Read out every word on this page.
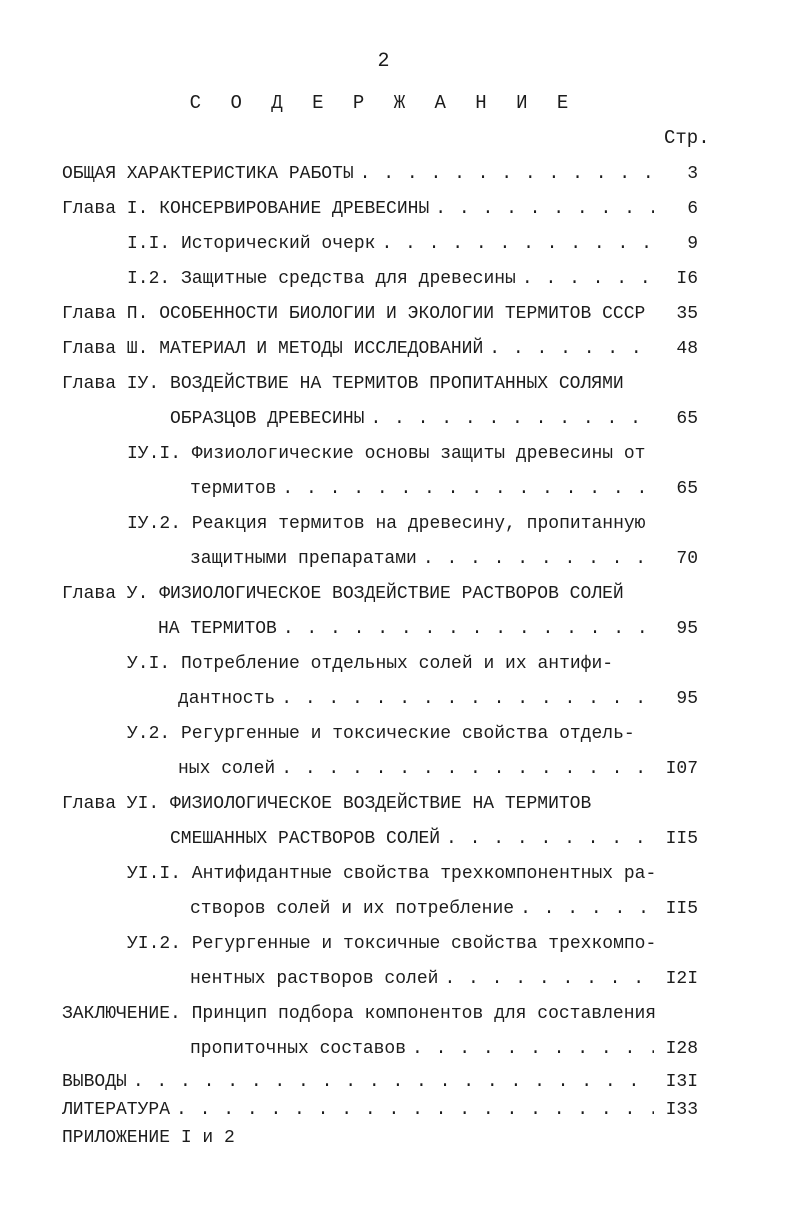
2
С О Д Е Р Ж А Н И Е
Стр.
ОБЩАЯ ХАРАКТЕРИСТИКА РАБОТЫ . . .	3
Глава I. КОНСЕРВИРОВАНИЕ ДРЕВЕСИНЫ . . .	6
I.I. Исторический очерк . . .	9
I.2. Защитные средства для древесины . . .	I6
Глава П. ОСОБЕННОСТИ БИОЛОГИИ И ЭКОЛОГИИ ТЕРМИТОВ СССР . . .	35
Глава Ш. МАТЕРИАЛ И МЕТОДЫ ИССЛЕДОВАНИЙ . . .	48
Глава IУ. ВОЗДЕЙСТВИЕ НА ТЕРМИТОВ ПРОПИТАННЫХ СОЛЯМИ
ОБРАЗЦОВ ДРЕВЕСИНЫ . . .	65
IУ.I. Физиологические основы защиты древесины от
термитов . . .	65
IУ.2. Реакция термитов на древесину, пропитанную
защитными препаратами . . .	70
Глава У. ФИЗИОЛОГИЧЕСКОЕ ВОЗДЕЙСТВИЕ РАСТВОРОВ СОЛЕЙ
НА ТЕРМИТОВ . . .	95
У.I. Потребление отдельных солей и их антифи-
дантность . . .	95
У.2. Регургенные и токсические свойства отдель-
ных солей . . .	I07
Глава УI. ФИЗИОЛОГИЧЕСКОЕ ВОЗДЕЙСТВИЕ НА ТЕРМИТОВ
СМЕШАННЫХ РАСТВОРОВ СОЛЕЙ . . .	II5
УI.I. Антифидантные свойства трехкомпонентных ра-
створов солей и их потребление . . .	II5
УI.2. Регургенные и токсичные свойства трехкомпо-
нентных растворов солей . . .	I2I
ЗАКЛЮЧЕНИЕ. Принцип подбора компонентов для составления
пропиточных составов . . .	I28
ВЫВОДЫ . . .	I3I
ЛИТЕРАТУРА . . .	I33
ПРИЛОЖЕНИЕ I и 2
